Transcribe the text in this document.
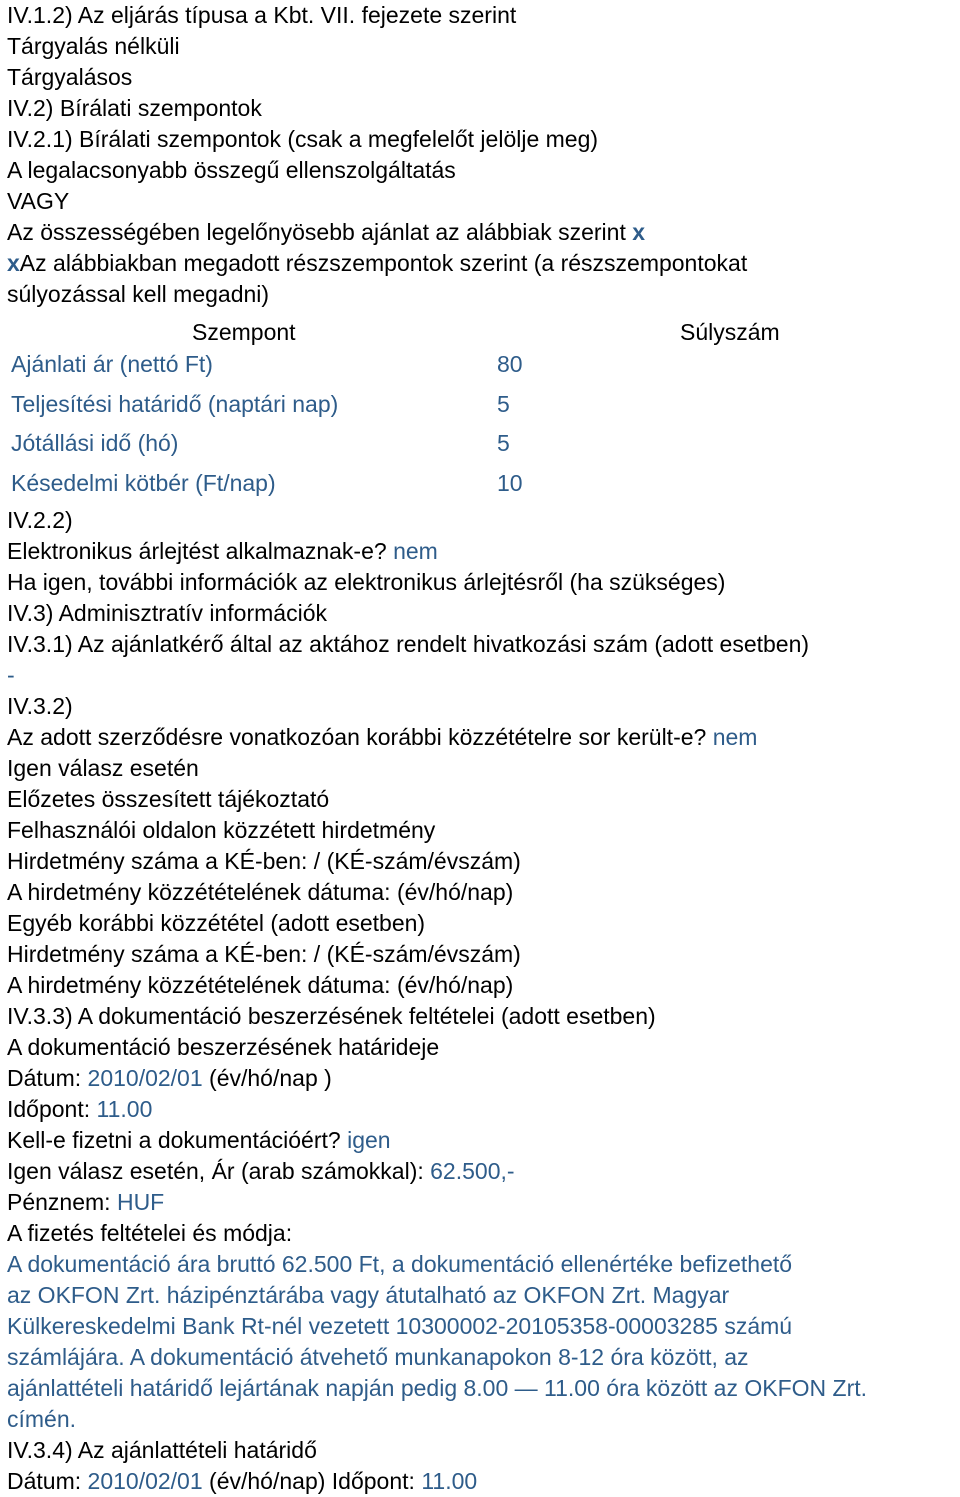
IV.1.2) Az eljárás típusa a Kbt. VII. fejezete szerint
Tárgyalás nélküli
Tárgyalásos
IV.2) Bírálati szempontok
IV.2.1) Bírálati szempontok (csak a megfelelőt jelölje meg)
A legalacsonyabb összegű ellenszolgáltatás
VAGY
Az összességében legelőnyösebb ajánlat az alábbiak szerint x
xAz alábbiakban megadott részszempontok szerint (a részszempontokat
súlyozással kell megadni)
Szempont	Súlyszám
Ajánlati ár (nettó Ft)	80
Teljesítési határidő (naptári nap)	5
Jótállási idő (hó)	5
Késedelmi kötbér (Ft/nap)	10
IV.2.2)
Elektronikus árlejtést alkalmaznak-e? nem
Ha igen, további információk az elektronikus árlejtésről (ha szükséges)
IV.3) Adminisztratív információk
IV.3.1) Az ajánlatkérő által az aktához rendelt hivatkozási szám (adott esetben)
-
IV.3.2)
Az adott szerződésre vonatkozóan korábbi közzétételre sor került-e? nem
Igen válasz esetén
Előzetes összesített tájékoztató
Felhasználói oldalon közzétett hirdetmény
Hirdetmény száma a KÉ-ben: / (KÉ-szám/évszám)
A hirdetmény közzétételének dátuma: (év/hó/nap)
Egyéb korábbi közzététel (adott esetben)
Hirdetmény száma a KÉ-ben: / (KÉ-szám/évszám)
A hirdetmény közzétételének dátuma: (év/hó/nap)
IV.3.3) A dokumentáció beszerzésének feltételei (adott esetben)
A dokumentáció beszerzésének határideje
Dátum: 2010/02/01 (év/hó/nap )
Időpont: 11.00
Kell-e fizetni a dokumentációért? igen
Igen válasz esetén, Ár (arab számokkal): 62.500,-
Pénznem: HUF
A fizetés feltételei és módja:
A dokumentáció ára bruttó 62.500 Ft, a dokumentáció ellenértéke befizethető
az OKFON Zrt. házipénztárába vagy átutalható az OKFON Zrt. Magyar
Külkereskedelmi Bank Rt-nél vezetett 10300002-20105358-00003285 számú
számlájára. A dokumentáció átvehető munkanapokon 8-12 óra között, az
ajánlattételi határidő lejártának napján pedig 8.00 — 11.00 óra között az OKFON Zrt.
címén.
IV.3.4) Az ajánlattételi határidő
Dátum: 2010/02/01 (év/hó/nap) Időpont: 11.00
